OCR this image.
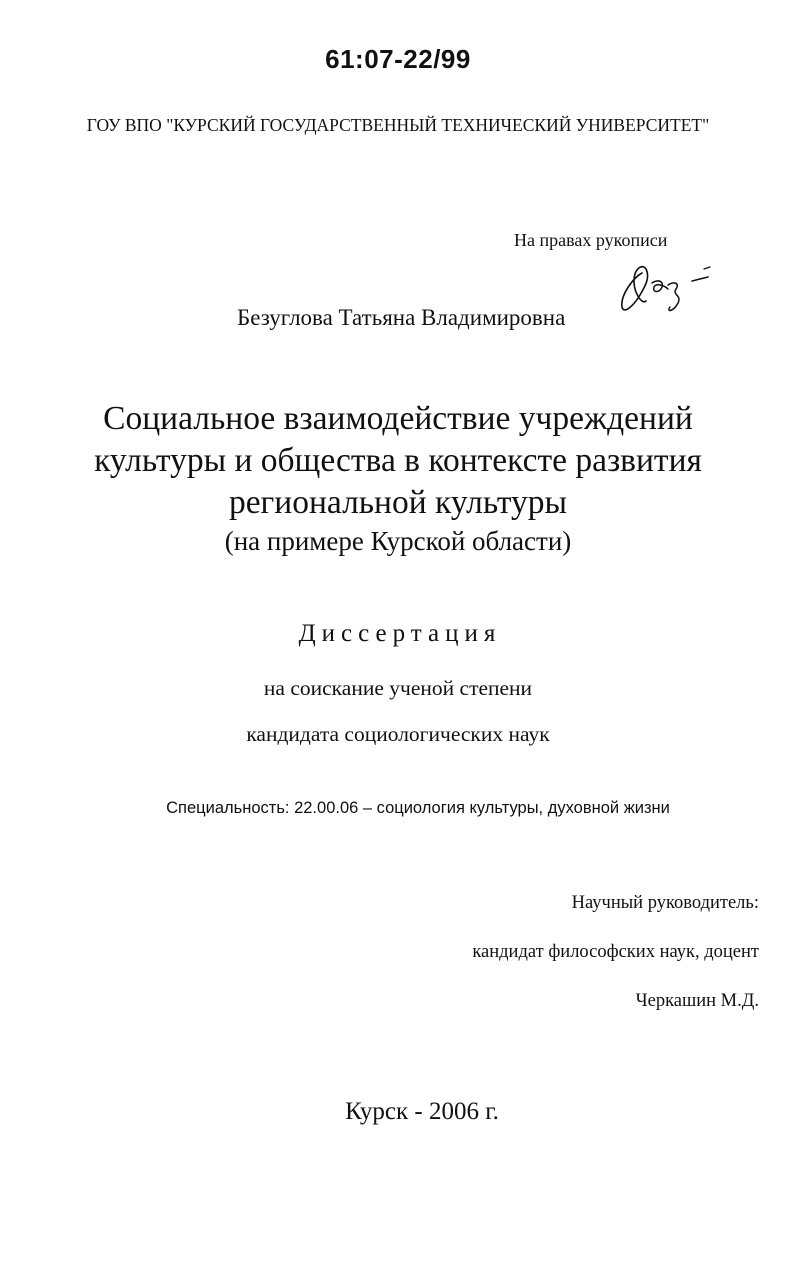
61:07-22/99
ГОУ ВПО "КУРСКИЙ ГОСУДАРСТВЕННЫЙ ТЕХНИЧЕСКИЙ УНИВЕРСИТЕТ"
На правах рукописи
Безуглова Татьяна Владимировна
Социальное взаимодействие учреждений
культуры и общества в контексте развития
региональной культуры
(на примере Курской области)
Диссертация
на соискание ученой степени
кандидата социологических наук
Специальность: 22.00.06 – социология культуры, духовной жизни
Научный руководитель:
кандидат философских наук, доцент
Черкашин М.Д.
Курск - 2006 г.
